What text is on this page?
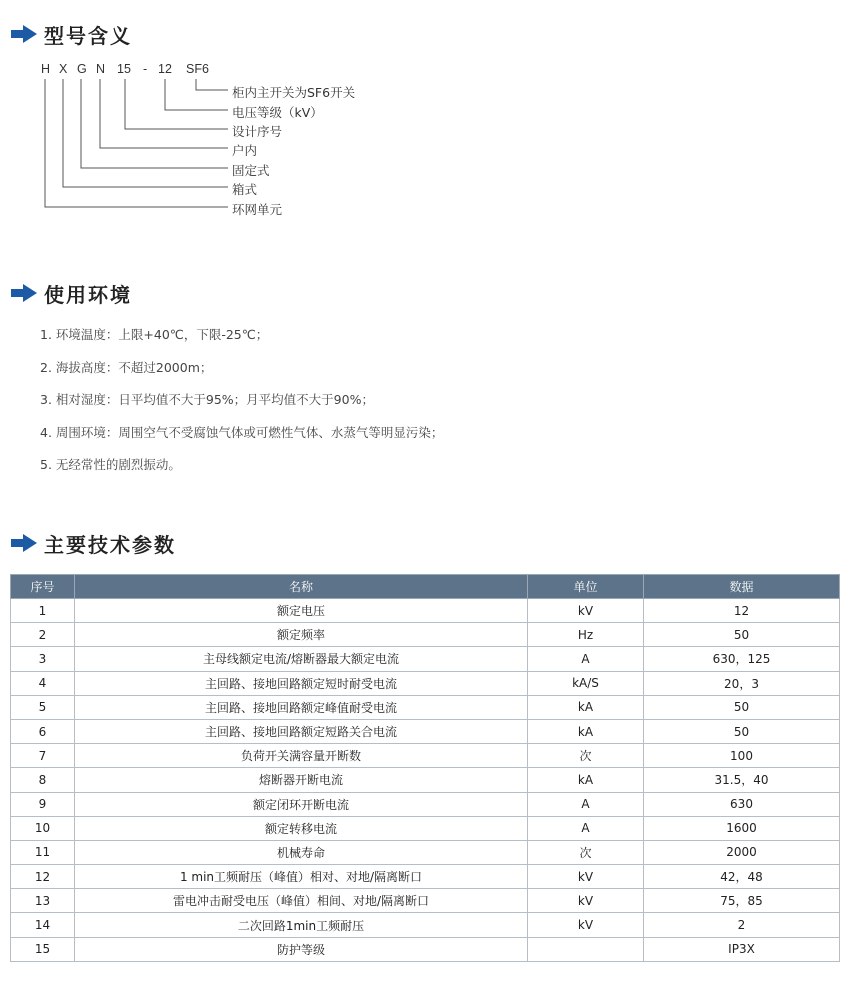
型号含义
H X G N 15 - 12 SF6
柜内主开关为SF6开关
电压等级（kV）
设计序号
户内
固定式
箱式
环网单元
使用环境
1. 环境温度：上限+40℃，下限-25℃；
2. 海拔高度：不超过2000m；
3. 相对湿度：日平均值不大于95%；月平均值不大于90%；
4. 周围环境：周围空气不受腐蚀气体或可燃性气体、水蒸气等明显污染；
5. 无经常性的剧烈振动。
主要技术参数
序号	名称	单位	数据
1	额定电压	kV	12
2	额定频率	Hz	50
3	主母线额定电流/熔断器最大额定电流	A	630，125
4	主回路、接地回路额定短时耐受电流	kA/S	20，3
5	主回路、接地回路额定峰值耐受电流	kA	50
6	主回路、接地回路额定短路关合电流	kA	50
7	负荷开关满容量开断数	次	100
8	熔断器开断电流	kA	31.5，40
9	额定闭环开断电流	A	630
10	额定转移电流	A	1600
11	机械寿命	次	2000
12	1 min工频耐压（峰值）相对、对地/隔离断口	kV	42，48
13	雷电冲击耐受电压（峰值）相间、对地/隔离断口	kV	75，85
14	二次回路1min工频耐压	kV	2
15	防护等级		IP3X
